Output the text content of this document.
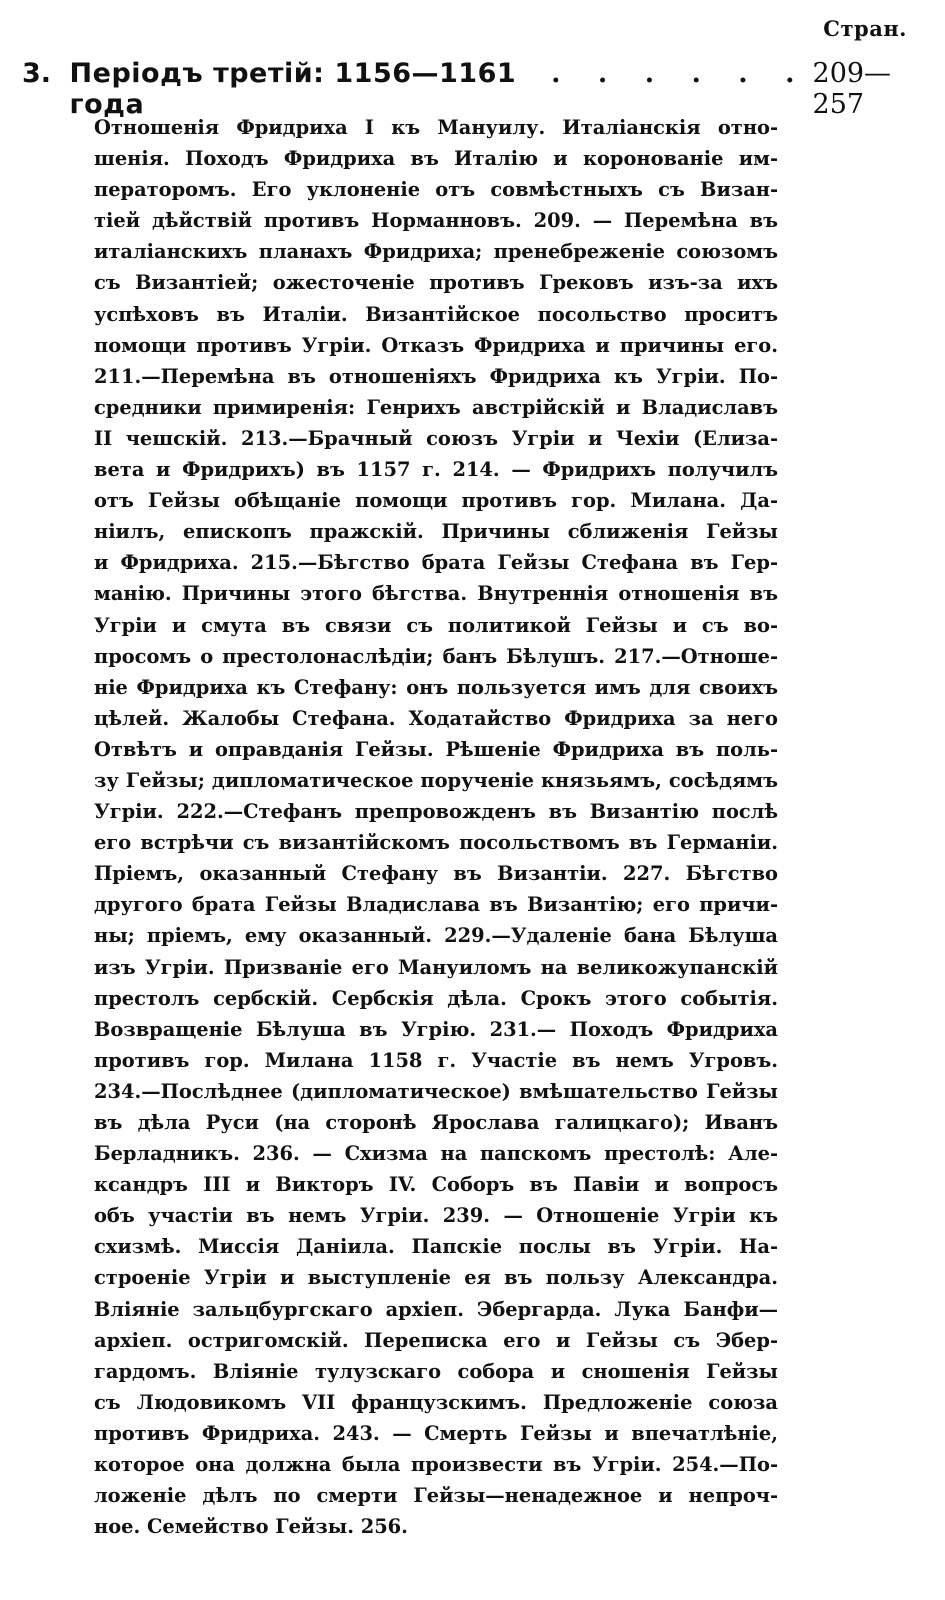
Стран.
3. Періодъ третій: 1156—1161 года
. . . . . . 209—257
Отношенія Фридриха I къ Мануилу. Италіанскія отно-
шенія. Походъ Фридриха въ Италію и коронованіе им-
ператоромъ. Его уклоненіе отъ совмѣстныхъ съ Визан-
тіей дѣйствій противъ Норманновъ. 209. — Перемѣна въ
италіанскихъ планахъ Фридриха; пренебреженіе союзомъ
съ Византіей; ожесточеніе противъ Грековъ изъ-за ихъ
успѣховъ въ Италіи. Византійское посольство проситъ
помощи противъ Угріи. Отказъ Фридриха и причины его.
211.—Перемѣна въ отношеніяхъ Фридриха къ Угріи. По-
средники примиренія: Генрихъ австрійскій и Владиславъ
II чешскій. 213.—Брачный союзъ Угріи и Чехіи (Елиза-
вета и Фридрихъ) въ 1157 г. 214. — Фридрихъ получилъ
отъ Гейзы обѣщаніе помощи противъ гор. Милана. Да-
ніилъ, епископъ пражскій. Причины сближенія Гейзы
и Фридриха. 215.—Бѣгство брата Гейзы Стефана въ Гер-
манію. Причины этого бѣгства. Внутреннія отношенія въ
Угріи и смута въ связи съ политикой Гейзы и съ во-
просомъ о престолонаслѣдіи; банъ Бѣлушъ. 217.—Отноше-
ніе Фридриха къ Стефану: онъ пользуется имъ для своихъ
цѣлей. Жалобы Стефана. Ходатайство Фридриха за него
Отвѣтъ и оправданія Гейзы. Рѣшеніе Фридриха въ поль-
зу Гейзы; дипломатическое порученіе князьямъ, сосѣдямъ
Угріи. 222.—Стефанъ препровожденъ въ Византію послѣ
его встрѣчи съ византійскомъ посольствомъ въ Германіи.
Пріемъ, оказанный Стефану въ Византіи. 227. Бѣгство
другого брата Гейзы Владислава въ Византію; его причи-
ны; пріемъ, ему оказанный. 229.—Удаленіе бана Бѣлуша
изъ Угріи. Призваніе его Мануиломъ на великожупанскій
престолъ сербскій. Сербскія дѣла. Срокъ этого событія.
Возвращеніе Бѣлуша въ Угрію. 231.— Походъ Фридриха
противъ гор. Милана 1158 г. Участіе въ немъ Угровъ.
234.—Послѣднее (дипломатическое) вмѣшательство Гейзы
въ дѣла Руси (на сторонѣ Ярослава галицкаго); Иванъ
Берладникъ. 236. — Схизма на папскомъ престолѣ: Але-
ксандръ III и Викторъ IV. Соборъ въ Павіи и вопросъ
объ участіи въ немъ Угріи. 239. — Отношеніе Угріи къ
схизмѣ. Миссія Даніила. Папскіе послы въ Угріи. На-
строеніе Угріи и выступленіе ея въ пользу Александра.
Вліяніе зальцбургскаго архіеп. Эбергарда. Лука Банфи—
архіеп. остригомскій. Переписка его и Гейзы съ Эбер-
гардомъ. Вліяніе тулузскаго собора и сношенія Гейзы
съ Людовикомъ VII французскимъ. Предложеніе союза
противъ Фридриха. 243. — Смерть Гейзы и впечатлѣніе,
которое она должна была произвести въ Угріи. 254.—По-
ложеніе дѣлъ по смерти Гейзы—ненадежное и непроч-
ное. Семейство Гейзы. 256.
